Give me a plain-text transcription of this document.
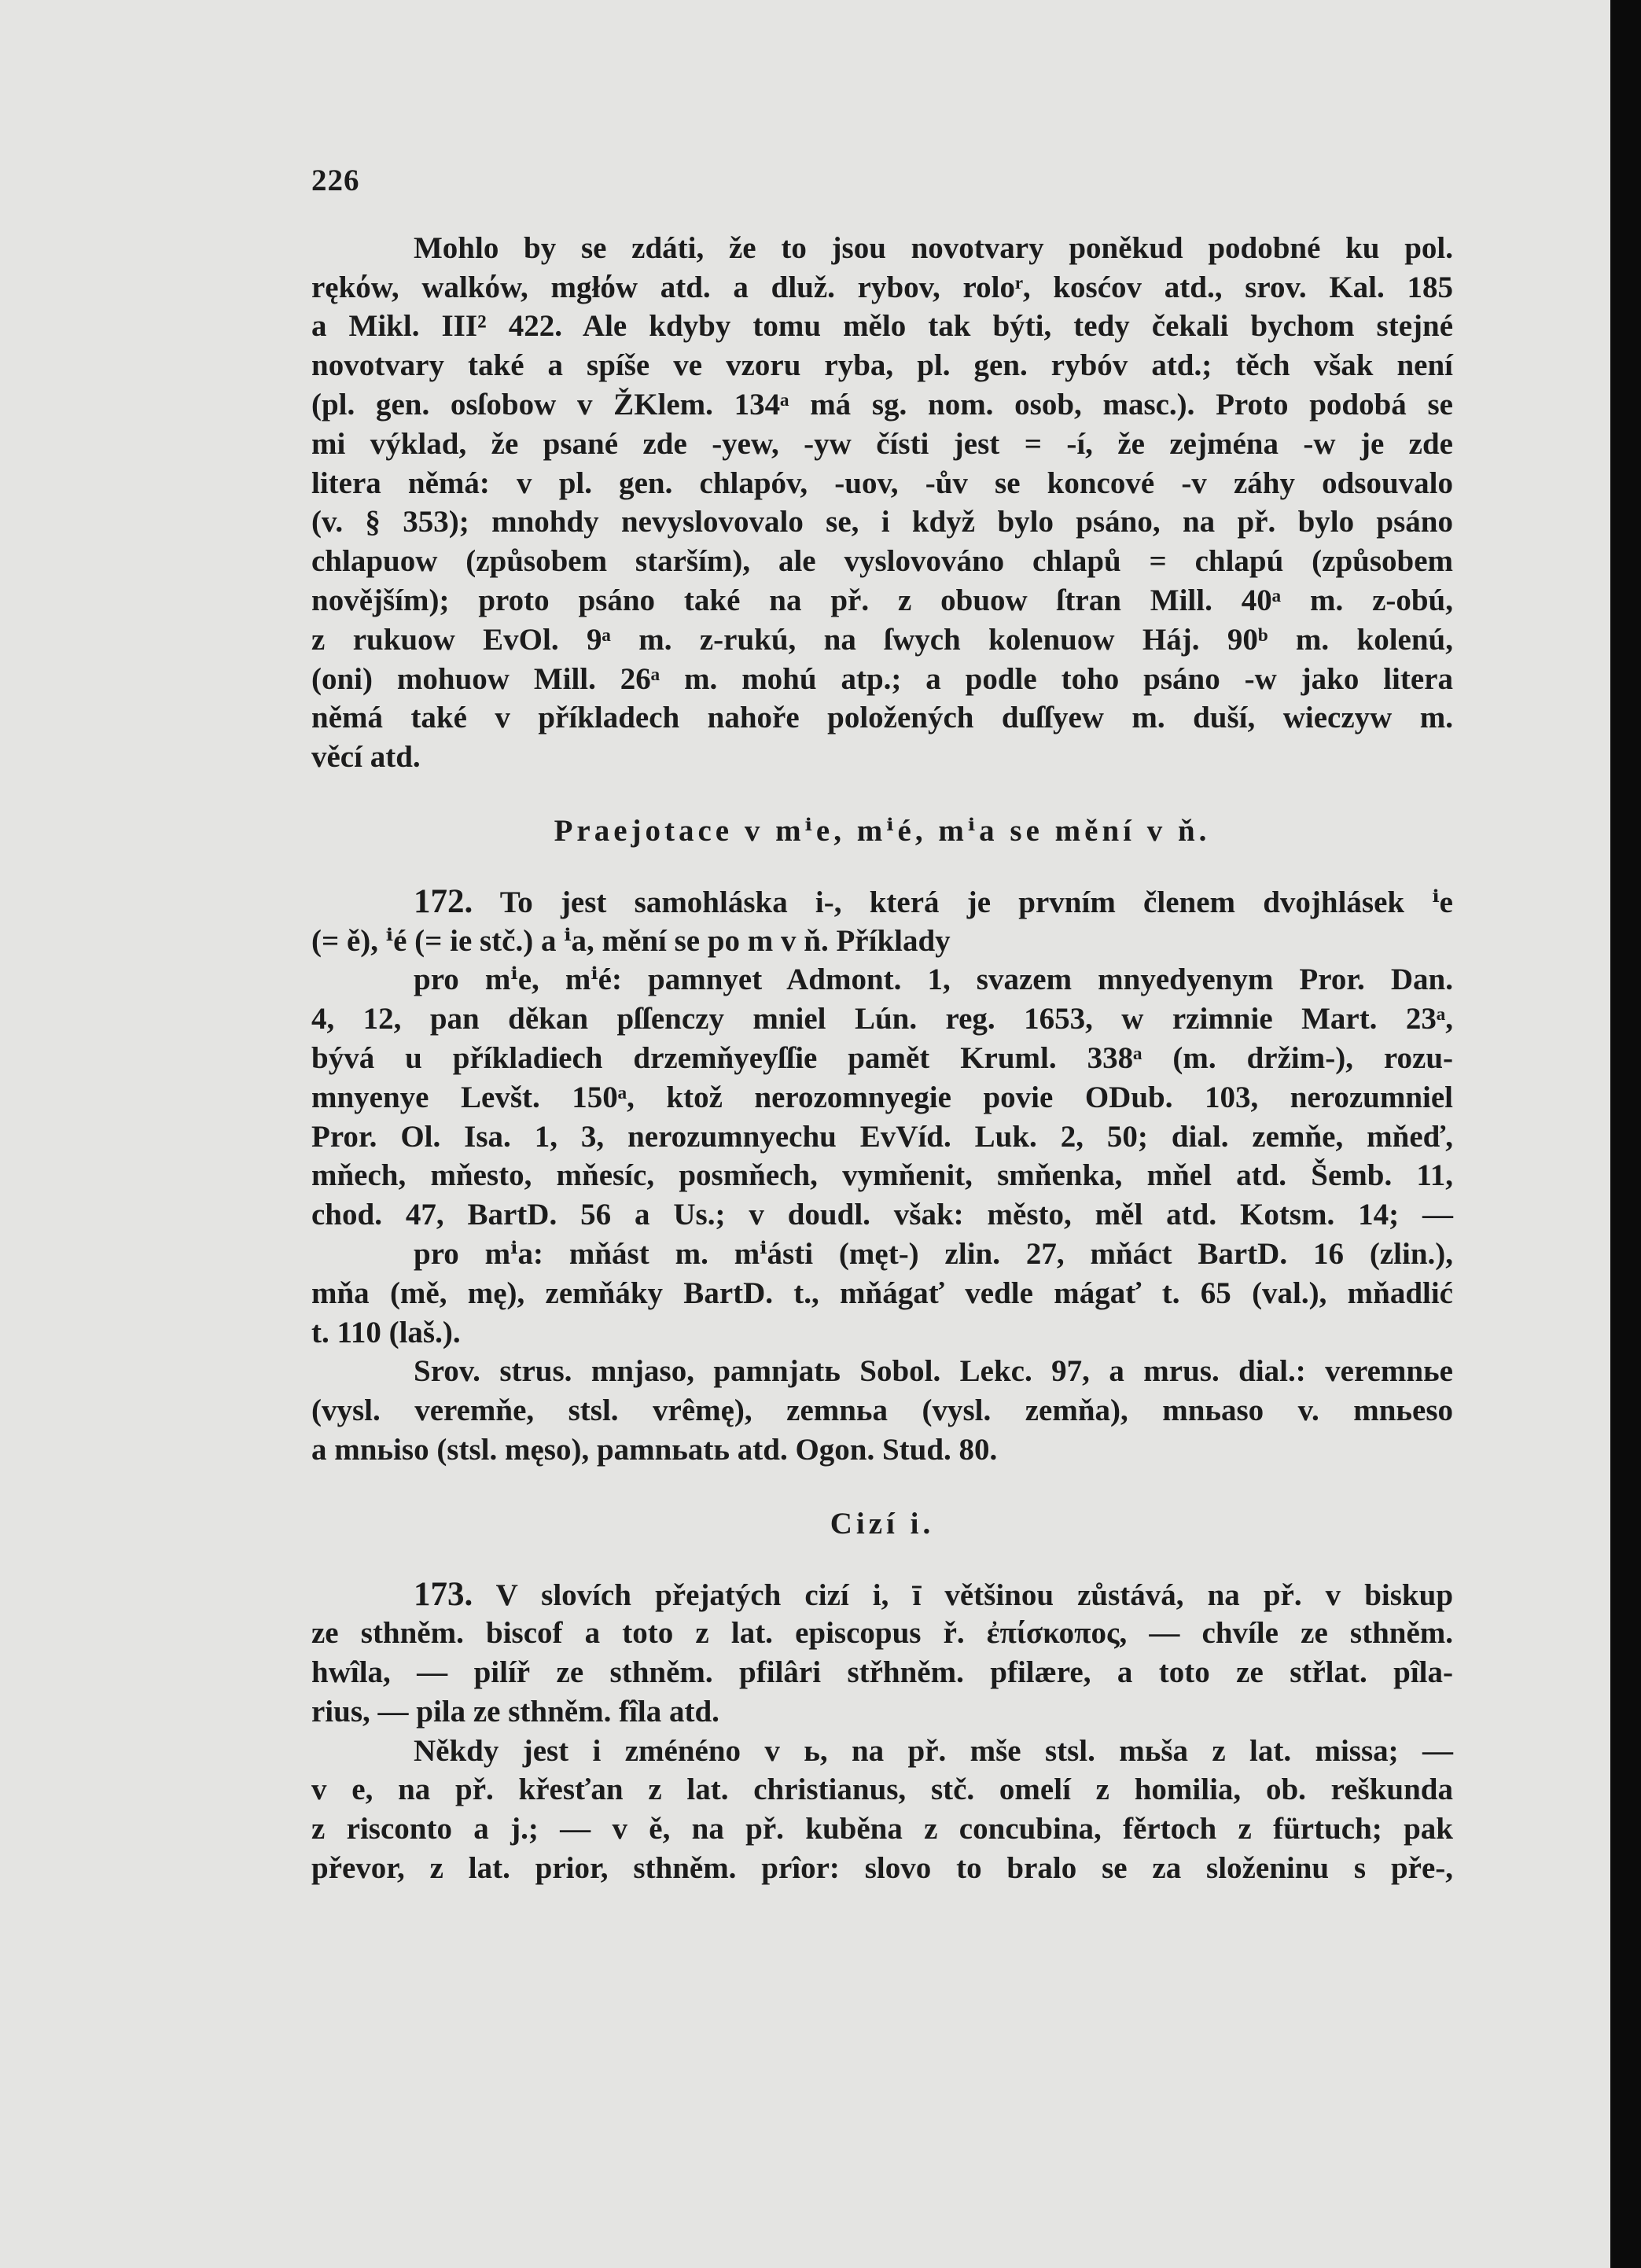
226
Mohlo by se zdáti, že to jsou novotvary poněkud podobné ku pol.
rękόw, walkόw, mgłόw atd. a dluž. rybov, roloʳ, kosćov atd., srov. Kal. 185
a Mikl. III² 422. Ale kdyby tomu mělo tak býti, tedy čekali bychom stejné
novotvary také a spíše ve vzoru ryba, pl. gen. rybóv atd.; těch však není
(pl. gen. osſobow v ŽKlem. 134ᵃ má sg. nom. osob, masc.). Proto podobá se
mi výklad, že psané zde -yew, -yw čísti jest = -í, že zejména -w je zde
litera němá: v pl. gen. chlapóv, -uov, -ův se koncové -v záhy odsouvalo
(v. § 353); mnohdy nevyslovovalo se, i když bylo psáno, na př. bylo psáno
chlapuow (způsobem starším), ale vyslovováno chlapů = chlapú (způsobem
novějším); proto psáno také na př. z obuow ſtran Mill. 40ᵃ m. z-obú,
z rukuow EvOl. 9ᵃ m. z-rukú, na ſwych kolenuow Háj. 90ᵇ m. kolenú,
(oni) mohuow Mill. 26ᵃ m. mohú atp.; a podle toho psáno -w jako litera
němá také v příkladech nahoře položených duſſyew m. duší, wieczyw m.
věcí atd.
Praejotace v mⁱe, mⁱé, mⁱa se mění v ň.
172. To jest samohláska i-, která je prvním členem dvojhlásek ⁱe
(= ě), ⁱé (= ie stč.) a ⁱa, mění se po m v ň. Příklady
pro mⁱe, mⁱé: pamnyet Admont. 1, svazem mnyedyenym Pror. Dan.
4, 12, pan děkan pſſenczy mniel Lún. reg. 1653, w rzimnie Mart. 23ᵃ,
bývá u příkladiech drzemňyeyſſie pamět Kruml. 338ᵃ (m. držim-), rozu-
mnyenye Levšt. 150ᵃ, ktož nerozomnyegie povie ODub. 103, nerozumniel
Pror. Ol. Isa. 1, 3, nerozumnyechu EvVíd. Luk. 2, 50; dial. zemňe, mňeď,
mňech, mňesto, mňesíc, posmňech, vymňenit, smňenka, mňel atd. Šemb. 11,
chod. 47, BartD. 56 a Us.; v doudl. však: město, měl atd. Kotsm. 14; —
pro mⁱa: mňást m. mⁱásti (męt-) zlin. 27, mňáct BartD. 16 (zlin.),
mňa (mě, mę), zemňáky BartD. t., mňágať vedle mágať t. 65 (val.), mňadlić
t. 110 (laš.).
Srov. strus. mnjaso, pamnjatь Sobol. Lekc. 97, a mrus. dial.: veremnье
(vysl. veremňe, stsl. vrêmę), zemnьa (vysl. zemňa), mnьaso v. mnьeso
a mnьiso (stsl. męso), pamnьatь atd. Ogon. Stud. 80.
Cizí i.
173. V slovích přejatých cizí i, ī většinou zůstává, na př. v biskup
ze sthněm. biscof a toto z lat. episcopus ř. ἐπίσκοπος, — chvíle ze sthněm.
hwîla, — pilíř ze sthněm. pfilâri střhněm. pfilære, a toto ze střlat. pîla-
rius, — pila ze sthněm. fîla atd.
Někdy jest i zménéno v ь, na př. mše stsl. mьša z lat. missa; —
v e, na př. křesťan z lat. christianus, stč. omelí z homilia, ob. reškunda
z risconto a j.; — v ě, na př. kuběna z concubina, fěrtoch z fürtuch; pak
převor, z lat. prior, sthněm. prîor: slovo to bralo se za složeninu s pře-,
